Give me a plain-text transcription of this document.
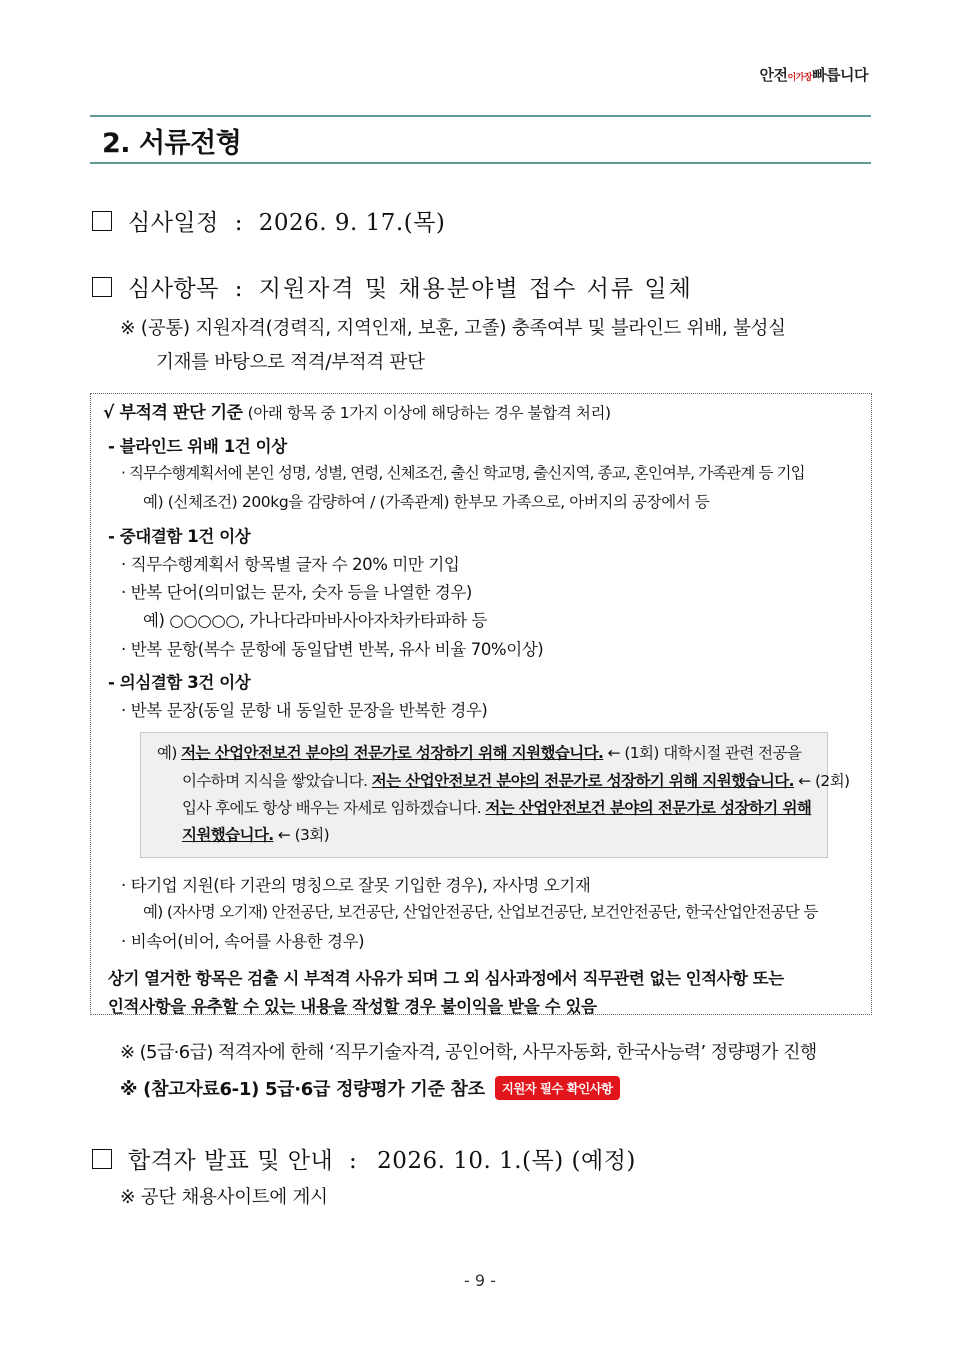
안전이가장빠릅니다
2. 서류전형
심사일정 : 2026. 9. 17.(목)
심사항목 : 지원자격 및 채용분야별 접수 서류 일체
※ (공통) 지원자격(경력직, 지역인재, 보훈, 고졸) 충족여부 및 블라인드 위배, 불성실
기재를 바탕으로 적격/부적격 판단
√ 부적격 판단 기준 (아래 항목 중 1가지 이상에 해당하는 경우 불합격 처리)
- 블라인드 위배 1건 이상
· 직무수행계획서에 본인 성명, 성별, 연령, 신체조건, 출신 학교명, 출신지역, 종교, 혼인여부, 가족관계 등 기입
예) (신체조건) 200kg을 감량하여 / (가족관계) 한부모 가족으로, 아버지의 공장에서 등
- 중대결함 1건 이상
· 직무수행계획서 항목별 글자 수 20% 미만 기입
· 반복 단어(의미없는 문자, 숫자 등을 나열한 경우)
예) ○○○○○, 가나다라마바사아자차카타파하 등
· 반복 문항(복수 문항에 동일답변 반복, 유사 비율 70%이상)
- 의심결함 3건 이상
· 반복 문장(동일 문항 내 동일한 문장을 반복한 경우)
예) 저는 산업안전보건 분야의 전문가로 성장하기 위해 지원했습니다. ← (1회) 대학시절 관련 전공을
이수하며 지식을 쌓았습니다. 저는 산업안전보건 분야의 전문가로 성장하기 위해 지원했습니다. ← (2회)
입사 후에도 항상 배우는 자세로 임하겠습니다. 저는 산업안전보건 분야의 전문가로 성장하기 위해
지원했습니다. ← (3회)
· 타기업 지원(타 기관의 명칭으로 잘못 기입한 경우), 자사명 오기재
예) (자사명 오기재) 안전공단, 보건공단, 산업안전공단, 산업보건공단, 보건안전공단, 한국산업안전공단 등
· 비속어(비어, 속어를 사용한 경우)
상기 열거한 항목은 검출 시 부적격 사유가 되며 그 외 심사과정에서 직무관련 없는 인적사항 또는
인적사항을 유추할 수 있는 내용을 작성할 경우 불이익을 받을 수 있음
※ (5급·6급) 적격자에 한해 ‘직무기술자격, 공인어학, 사무자동화, 한국사능력’ 정량평가 진행
※ (참고자료6-1) 5급·6급 정량평가 기준 참조 지원자 필수 확인사항
합격자 발표 및 안내 : 2026. 10. 1.(목) (예정)
※ 공단 채용사이트에 게시
- 9 -
